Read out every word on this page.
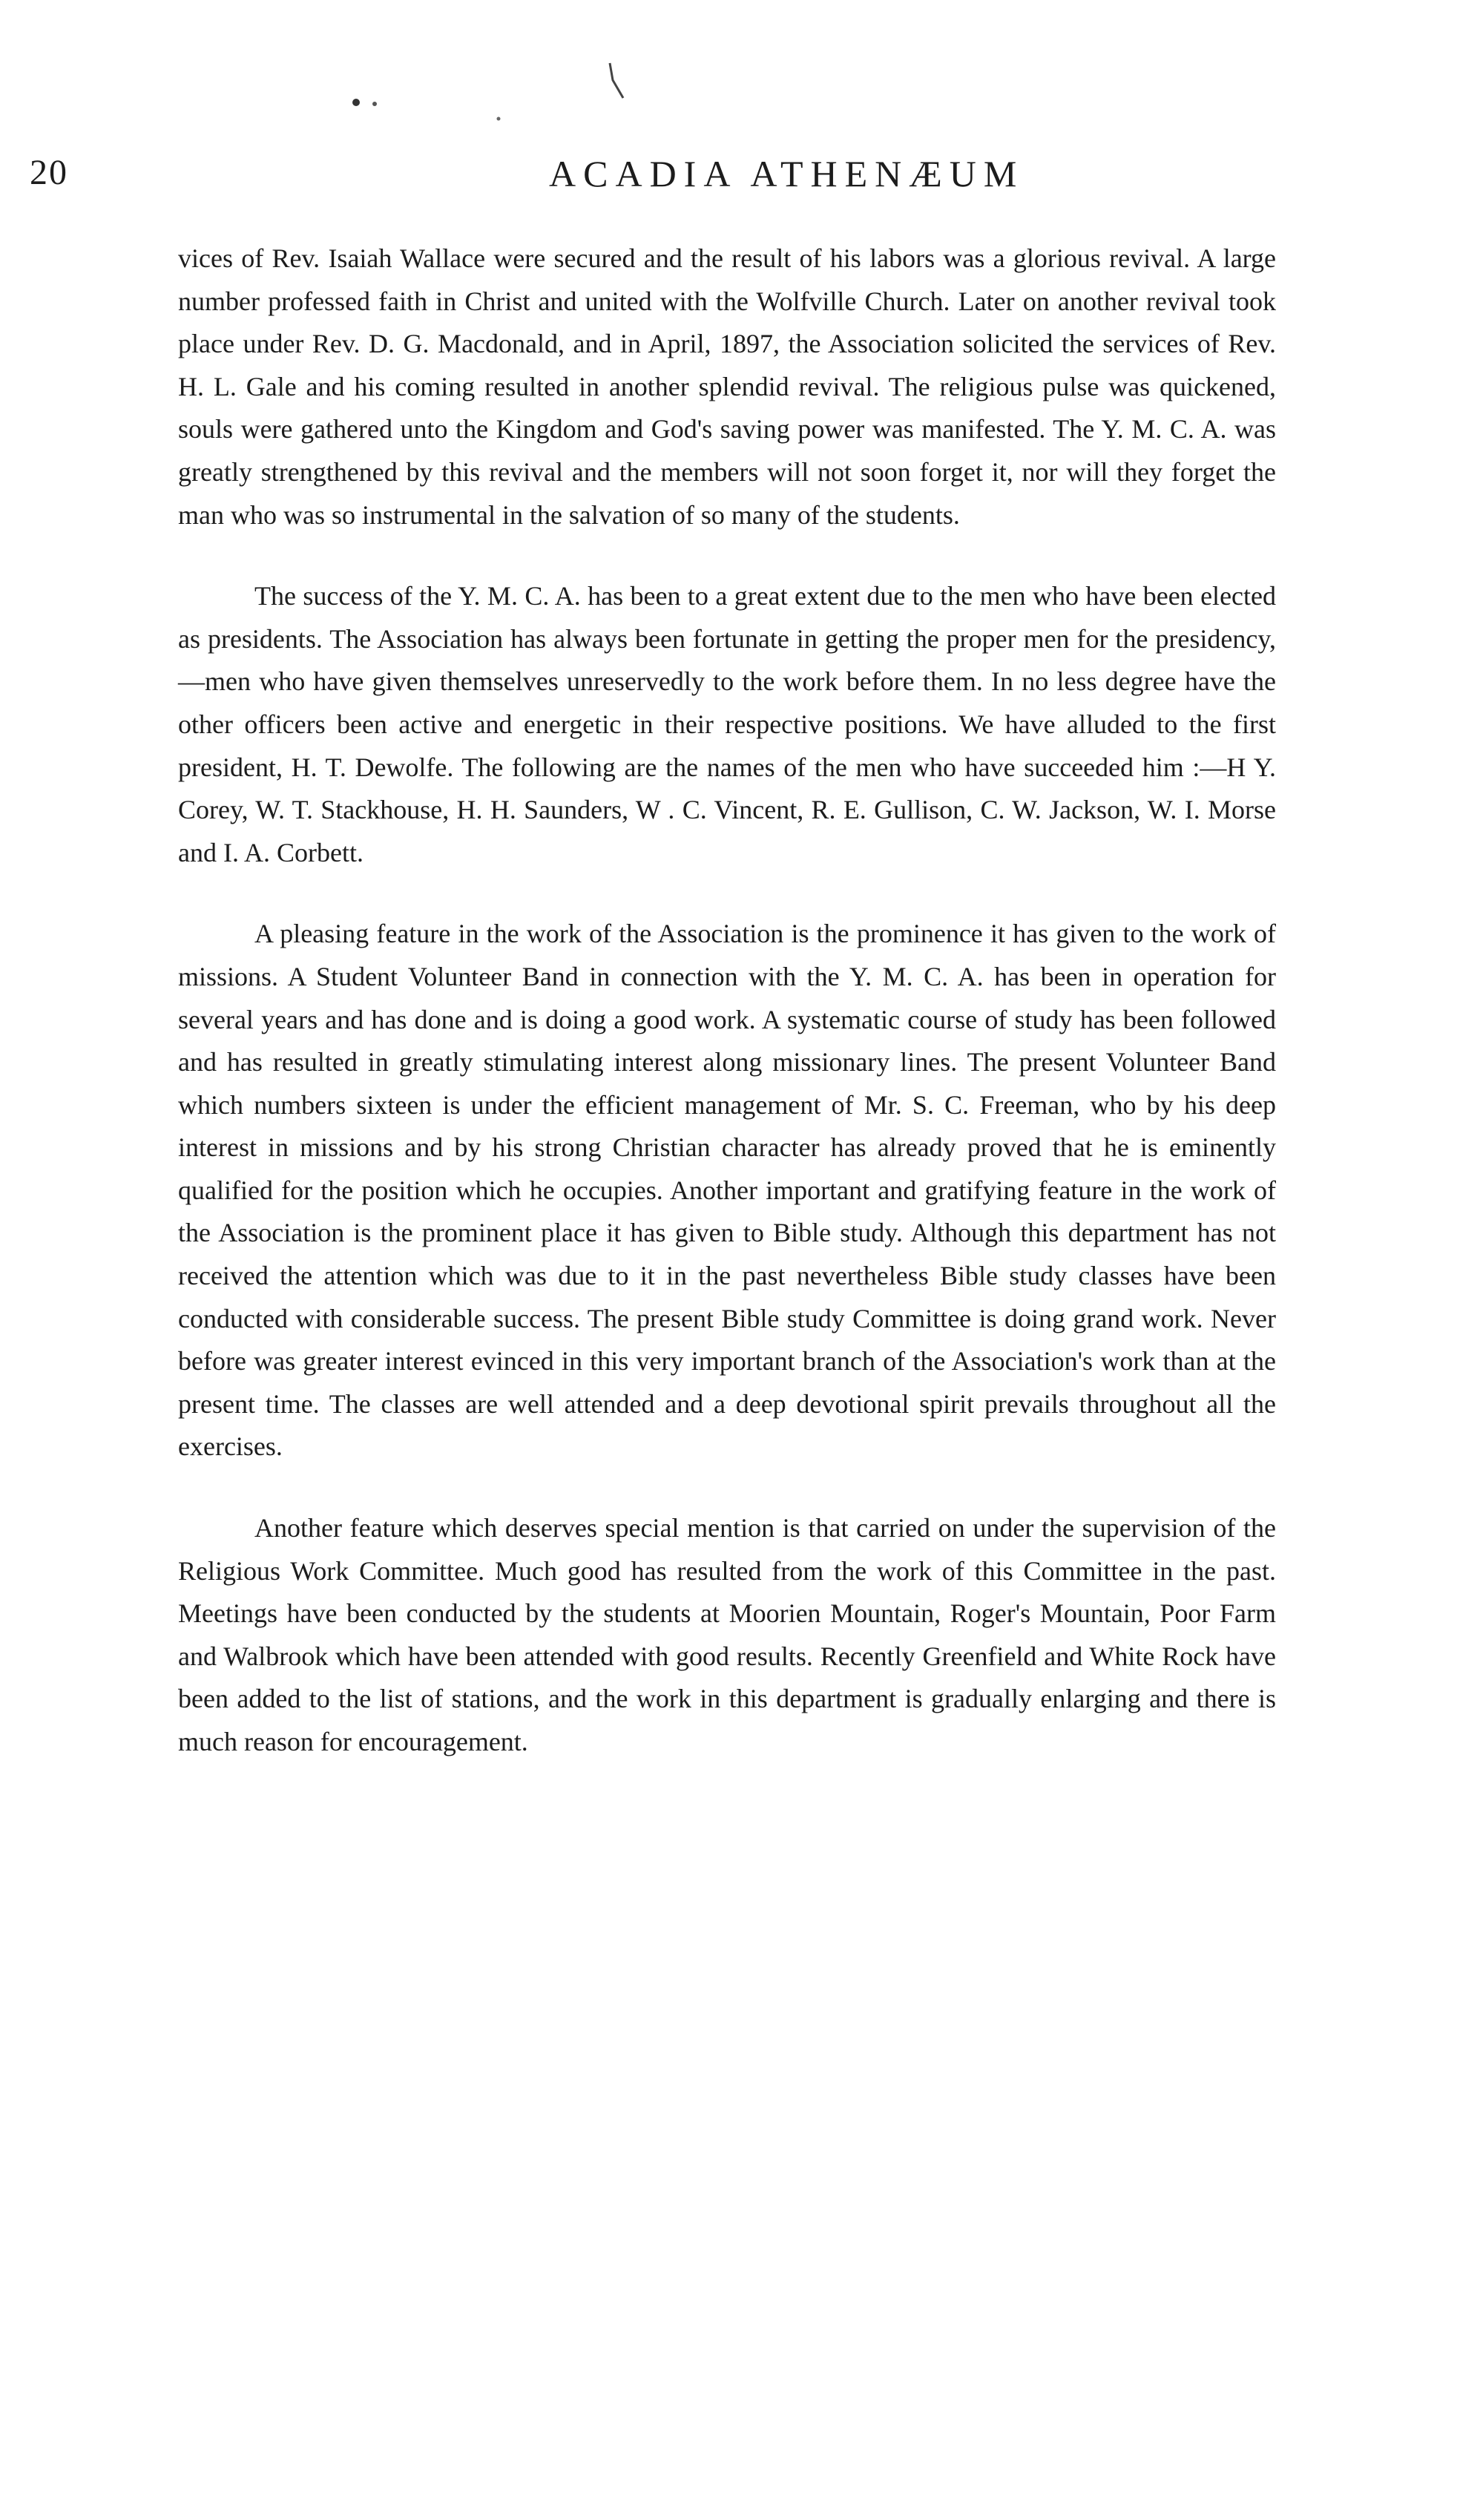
20	ACADIA ATHENÆUM

vices of Rev. Isaiah Wallace were secured and the result of his labors was a glorious revival. A large number professed faith in Christ and united with the Wolfville Church. Later on another revival took place under Rev. D. G. Macdonald, and in April, 1897, the Association solicited the services of Rev. H. L. Gale and his coming resulted in another splendid revival. The religious pulse was quickened, souls were gathered unto the Kingdom and God's saving power was manifested. The Y. M. C. A. was greatly strengthened by this revival and the members will not soon forget it, nor will they forget the man who was so instrumental in the salvation of so many of the students.

The success of the Y. M. C. A. has been to a great extent due to the men who have been elected as presidents. The Association has always been fortunate in getting the proper men for the presidency, —men who have given themselves unreservedly to the work before them. In no less degree have the other officers been active and energetic in their respective positions. We have alluded to the first president, H. T. Dewolfe. The following are the names of the men who have succeeded him :—H Y. Corey, W. T. Stackhouse, H. H. Saunders, W . C. Vincent, R. E. Gullison, C. W. Jackson, W. I. Morse and I. A. Corbett.

A pleasing feature in the work of the Association is the prominence it has given to the work of missions. A Student Volunteer Band in connection with the Y. M. C. A. has been in operation for several years and has done and is doing a good work. A systematic course of study has been followed and has resulted in greatly stimulating interest along missionary lines. The present Volunteer Band which numbers sixteen is under the efficient management of Mr. S. C. Freeman, who by his deep interest in missions and by his strong Christian character has already proved that he is eminently qualified for the position which he occupies. Another important and gratifying feature in the work of the Association is the prominent place it has given to Bible study. Although this department has not received the attention which was due to it in the past nevertheless Bible study classes have been conducted with considerable success. The present Bible study Committee is doing grand work. Never before was greater interest evinced in this very important branch of the Association's work than at the present time. The classes are well attended and a deep devotional spirit prevails throughout all the exercises.

Another feature which deserves special mention is that carried on under the supervision of the Religious Work Committee. Much good has resulted from the work of this Committee in the past. Meetings have been conducted by the students at Moorien Mountain, Roger's Mountain, Poor Farm and Walbrook which have been attended with good results. Recently Greenfield and White Rock have been added to the list of stations, and the work in this department is gradually enlarging and there is much reason for encouragement.
